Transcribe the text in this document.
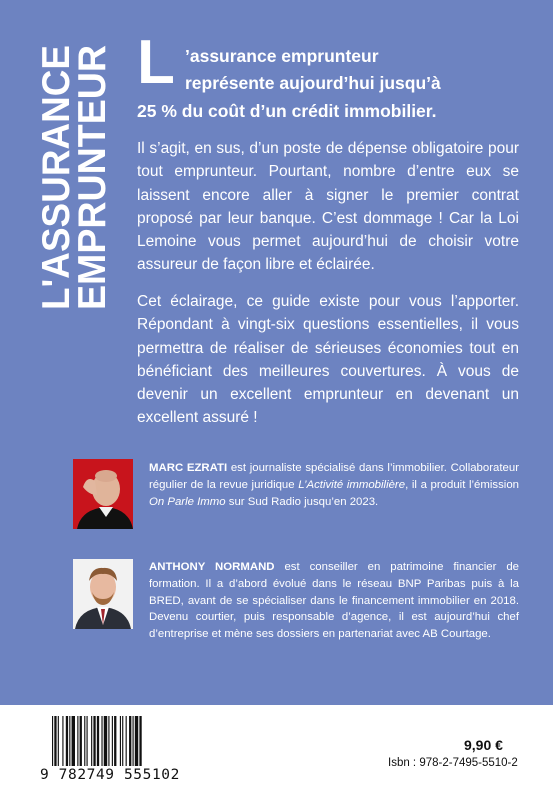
L'ASSURANCE
EMPRUNTEUR L ’assurance emprunteur
représente aujourd’hui jusqu’à
25 % du coût d’un crédit immobilier.
Il s’agit, en sus, d’un poste de dépense obligatoire pour tout emprunteur. Pourtant, nombre d’entre eux se laissent encore aller à signer le premier contrat proposé par leur banque. C’est dommage ! Car la Loi Lemoine vous permet aujourd’hui de choisir votre assureur de façon libre et éclairée.
Cet éclairage, ce guide existe pour vous l’apporter. Répondant à vingt-six questions essentielles, il vous permettra de réaliser de sérieuses économies tout en bénéficiant des meilleures couvertures. À vous de devenir un excellent emprunteur en devenant un excellent assuré !
MARC EZRATI est journaliste spécialisé dans l’immobilier. Collaborateur régulier de la revue juridique L’Activité immobilière, il a produit l’émission On Parle Immo sur Sud Radio jusqu’en 2023.
ANTHONY NORMAND est conseiller en patrimoine financier de formation. Il a d’abord évolué dans le réseau BNP Paribas puis à la BRED, avant de se spécialiser dans le financement immobilier en 2018. Devenu courtier, puis responsable d’agence, il est aujourd’hui chef d’entreprise et mène ses dossiers en partenariat avec AB Courtage.
9 782749 555102
9,90 €
Isbn : 978-2-7495-5510-2
